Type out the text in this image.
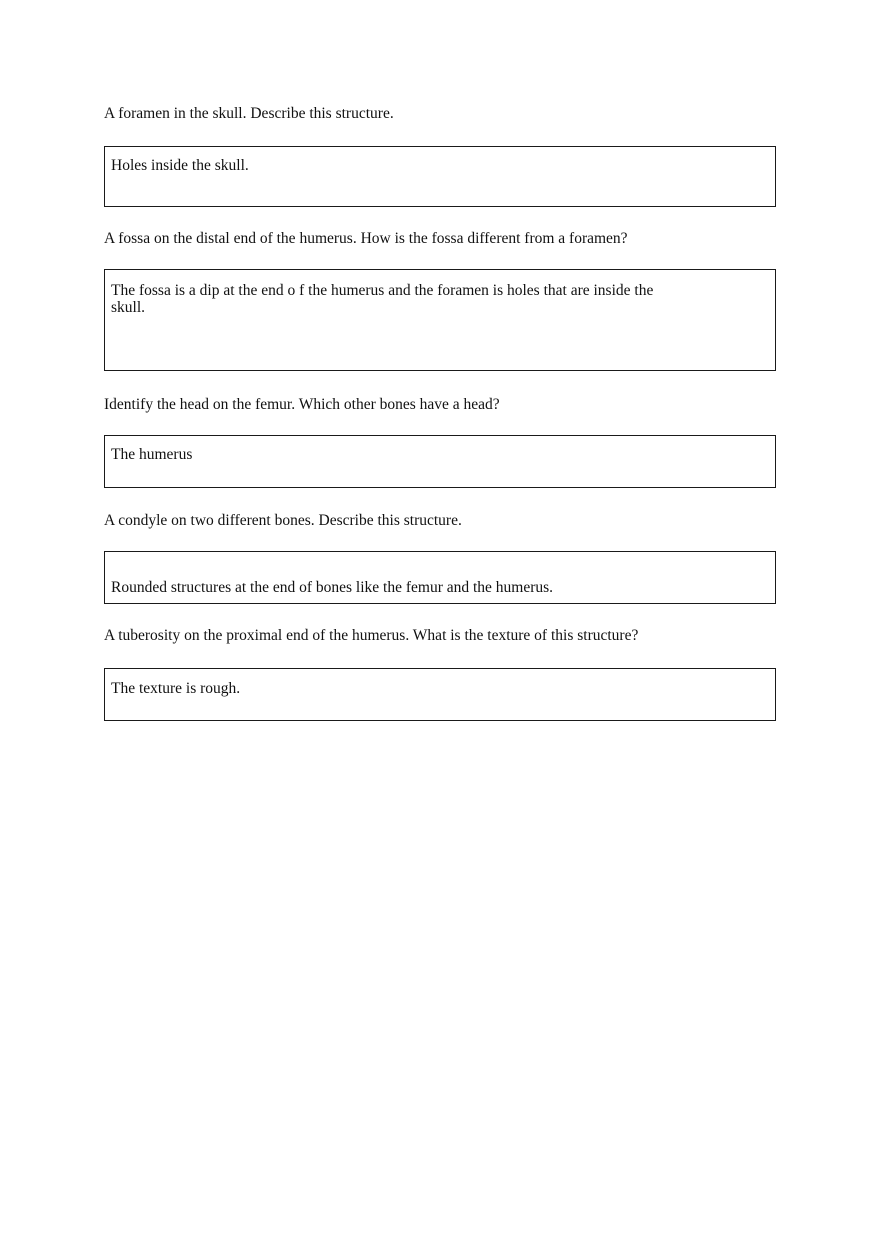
A foramen in the skull. Describe this structure.
Holes inside the skull.
A fossa on the distal end of the humerus. How is the fossa different from a foramen?
The fossa is a dip at the end o f the humerus and the foramen is holes that are inside the
skull.
Identify the head on the femur. Which other bones have a head?
The humerus
A condyle on two different bones. Describe this structure.
Rounded structures at the end of bones like the femur and the humerus.
A tuberosity on the proximal end of the humerus. What is the texture of this structure?
The texture is rough.
